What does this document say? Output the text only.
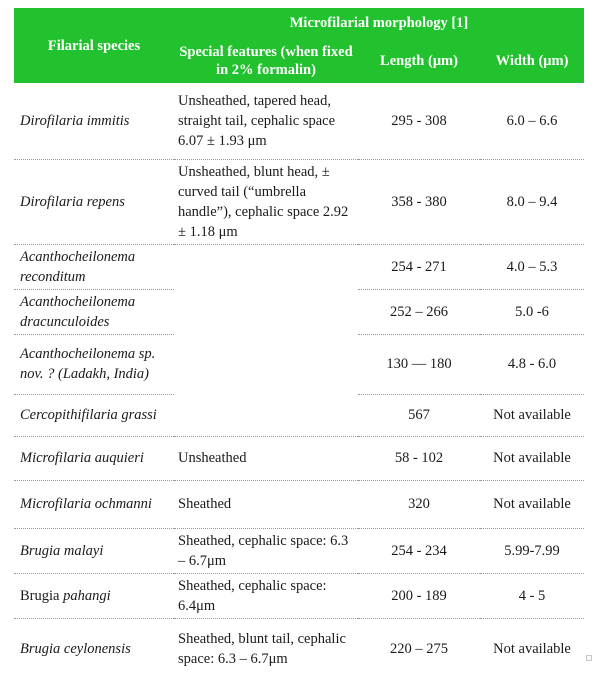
Filarial species	Microfilarial morphology [1]		
	Special features (when fixed in 2% formalin)	Length (μm)	Width (μm)
Dirofilaria immitis	Unsheathed, tapered head, straight tail, cephalic space 6.07 ± 1.93 μm	295 - 308	6.0 – 6.6
Dirofilaria repens	Unsheathed, blunt head, ± curved tail (“umbrella handle”), cephalic space 2.92 ± 1.18 μm	358 - 380	8.0 – 9.4
Acanthocheilonema reconditum		254 - 271	4.0 – 5.3
Acanthocheilonema dracunculoides		252 – 266	5.0 -6
Acanthocheilonema sp. nov. ? (Ladakh, India)		130 — 180	4.8 - 6.0
Cercopithifilaria grassi		567	Not available
Microfilaria auquieri	Unsheathed	58 - 102	Not available
Microfilaria ochmanni	Sheathed	320	Not available
Brugia malayi	Sheathed, cephalic space: 6.3 – 6.7μm	254 - 234	5.99-7.99
Brugia pahangi	Sheathed, cephalic space: 6.4μm	200 - 189	4 - 5
Brugia ceylonensis	Sheathed, blunt tail, cephalic space: 6.3 – 6.7μm	220 – 275	Not available
